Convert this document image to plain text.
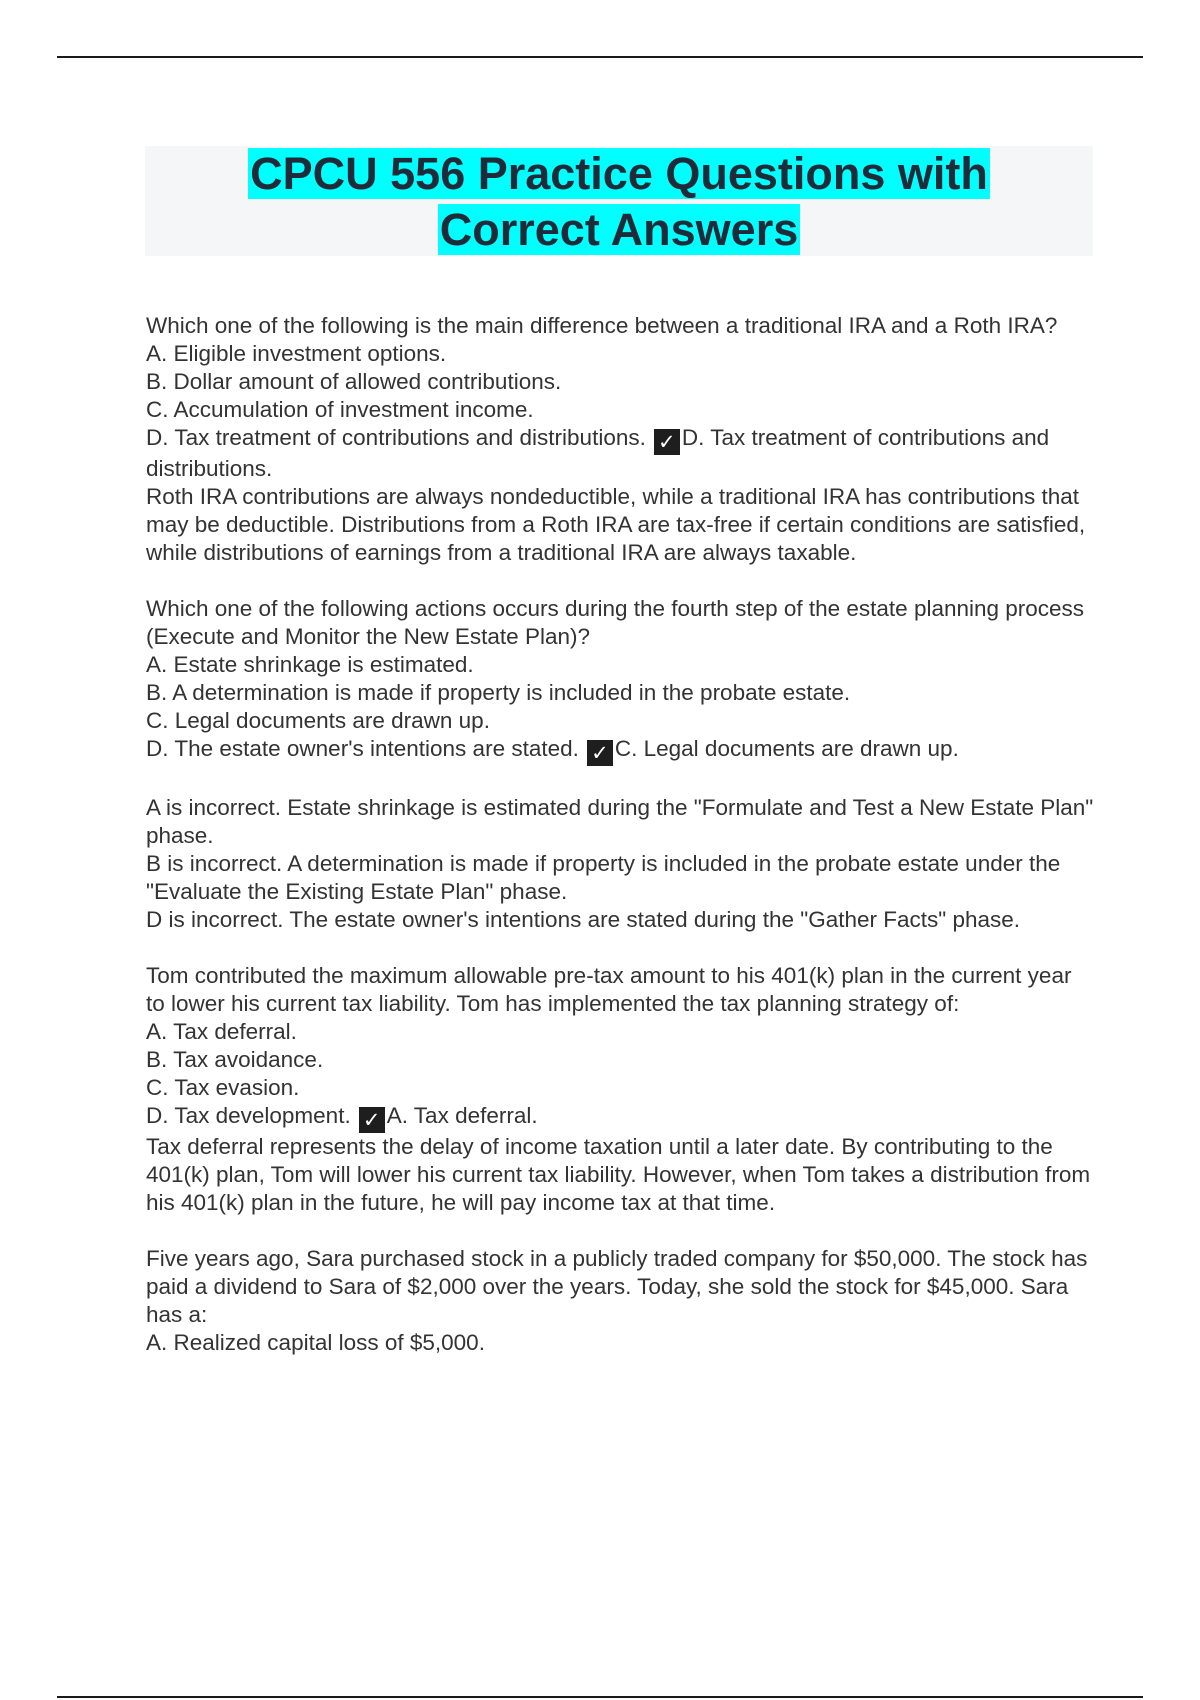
CPCU 556 Practice Questions with
Correct Answers

Which one of the following is the main difference between a traditional IRA and a Roth IRA?

A. Eligible investment options.

B. Dollar amount of allowed contributions.

C. Accumulation of investment income.

D. Tax treatment of contributions and distributions. ✓ D. Tax treatment of contributions and distributions.

Roth IRA contributions are always nondeductible, while a traditional IRA has contributions that may be deductible. Distributions from a Roth IRA are tax-free if certain conditions are satisfied, while distributions of earnings from a traditional IRA are always taxable.

Which one of the following actions occurs during the fourth step of the estate planning process (Execute and Monitor the New Estate Plan)?

A. Estate shrinkage is estimated.

B. A determination is made if property is included in the probate estate.

C. Legal documents are drawn up.

D. The estate owner's intentions are stated. ✓ C. Legal documents are drawn up.

A is incorrect. Estate shrinkage is estimated during the "Formulate and Test a New Estate Plan" phase.

B is incorrect. A determination is made if property is included in the probate estate under the "Evaluate the Existing Estate Plan" phase.

D is incorrect. The estate owner's intentions are stated during the "Gather Facts" phase.

Tom contributed the maximum allowable pre-tax amount to his 401(k) plan in the current year to lower his current tax liability. Tom has implemented the tax planning strategy of:

A. Tax deferral.

B. Tax avoidance.

C. Tax evasion.

D. Tax development. ✓ A. Tax deferral.

Tax deferral represents the delay of income taxation until a later date. By contributing to the 401(k) plan, Tom will lower his current tax liability. However, when Tom takes a distribution from his 401(k) plan in the future, he will pay income tax at that time.

Five years ago, Sara purchased stock in a publicly traded company for $50,000. The stock has paid a dividend to Sara of $2,000 over the years. Today, she sold the stock for $45,000. Sara has a:

A. Realized capital loss of $5,000.
